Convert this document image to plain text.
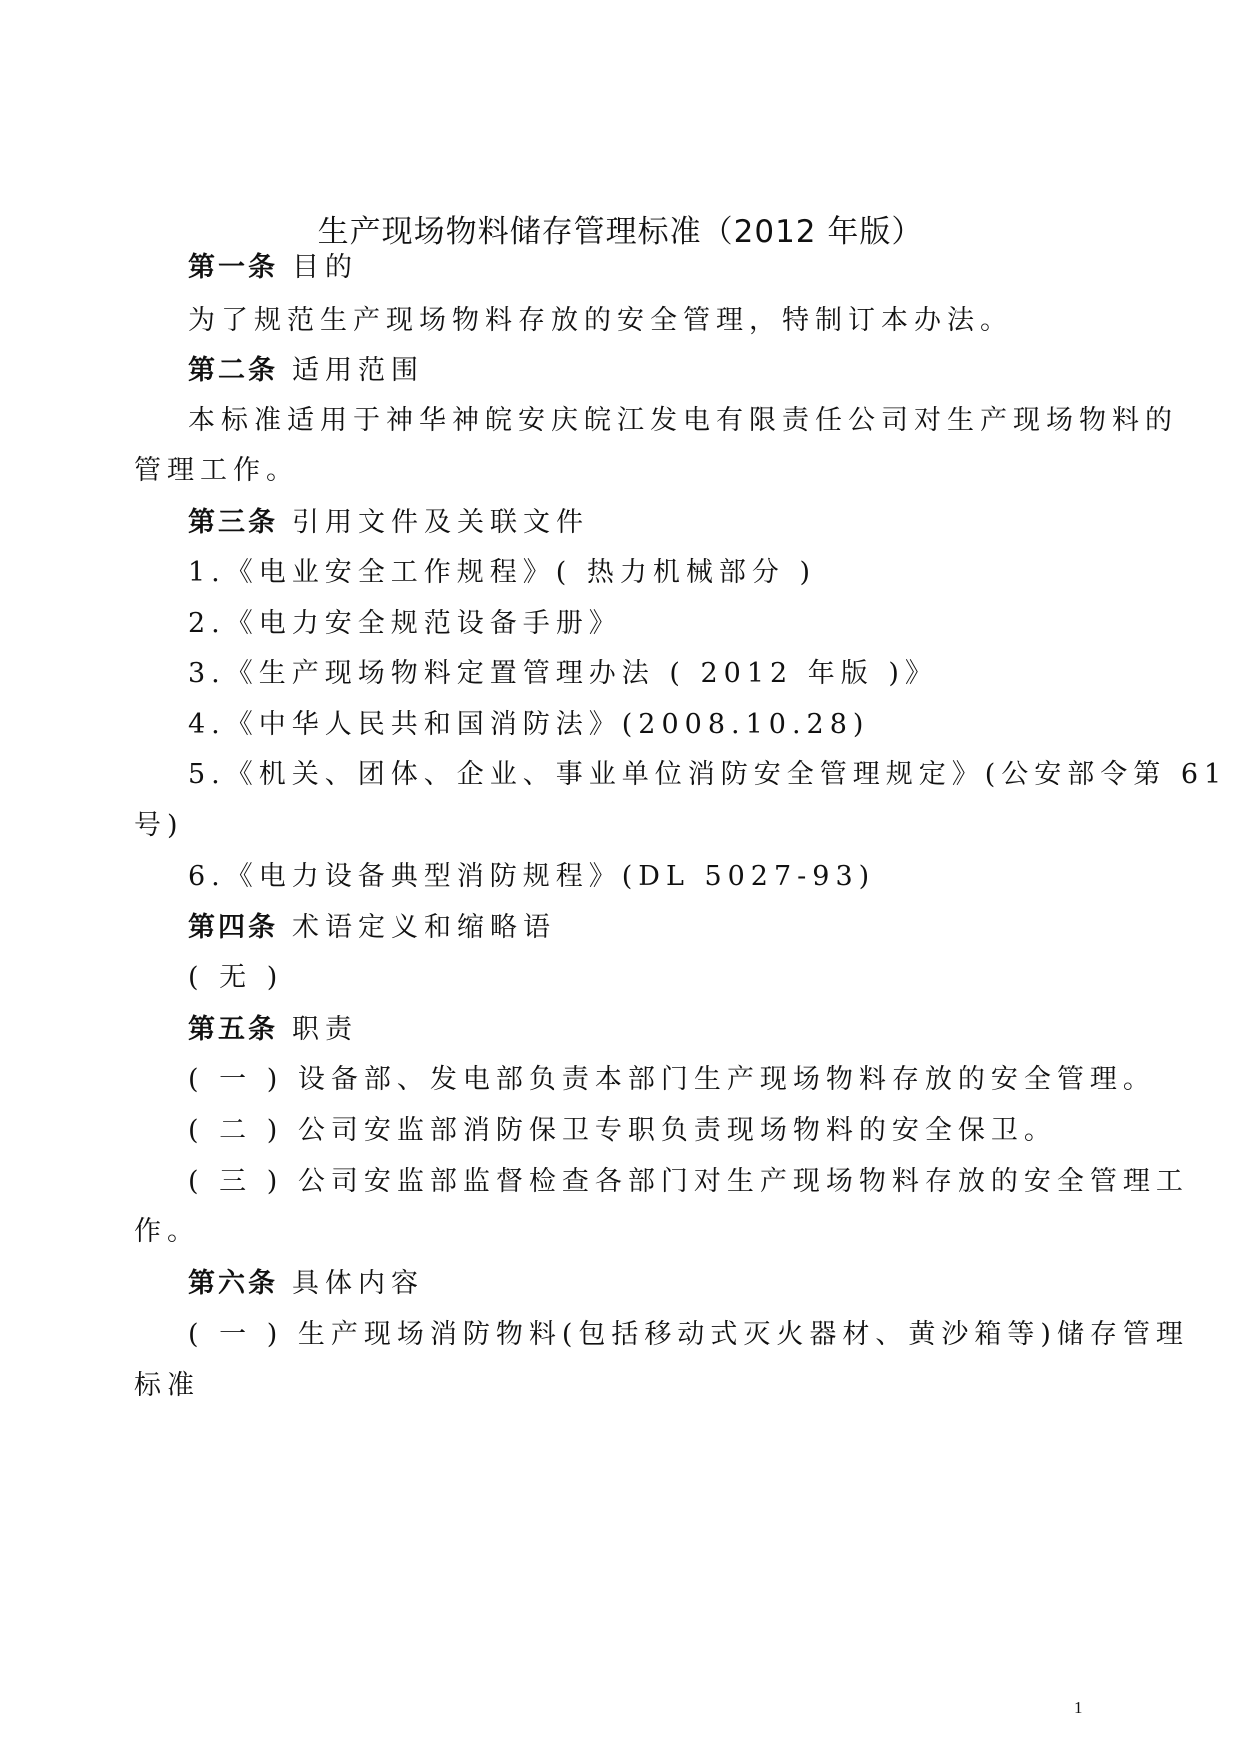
生产现场物料储存管理标准（2012 年版）
第一条 目的
为了规范生产现场物料存放的安全管理，特制订本办法。
第二条 适用范围
本标准适用于神华神皖安庆皖江发电有限责任公司对生产现场物料的
管理工作。
第三条 引用文件及关联文件
1.《电业安全工作规程》( 热力机械部分 )
2.《电力安全规范设备手册》
3.《生产现场物料定置管理办法 ( 2012 年版 )》
4.《中华人民共和国消防法》(2008.10.28)
5.《机关、团体、企业、事业单位消防安全管理规定》(公安部令第 61
号)
6.《电力设备典型消防规程》(DL 5027-93)
第四条 术语定义和缩略语
( 无 )
第五条 职责
( 一 ) 设备部、发电部负责本部门生产现场物料存放的安全管理。
( 二 ) 公司安监部消防保卫专职负责现场物料的安全保卫。
( 三 ) 公司安监部监督检查各部门对生产现场物料存放的安全管理工
作。
第六条 具体内容
( 一 ) 生产现场消防物料(包括移动式灭火器材、黄沙箱等)储存管理
标准
1
